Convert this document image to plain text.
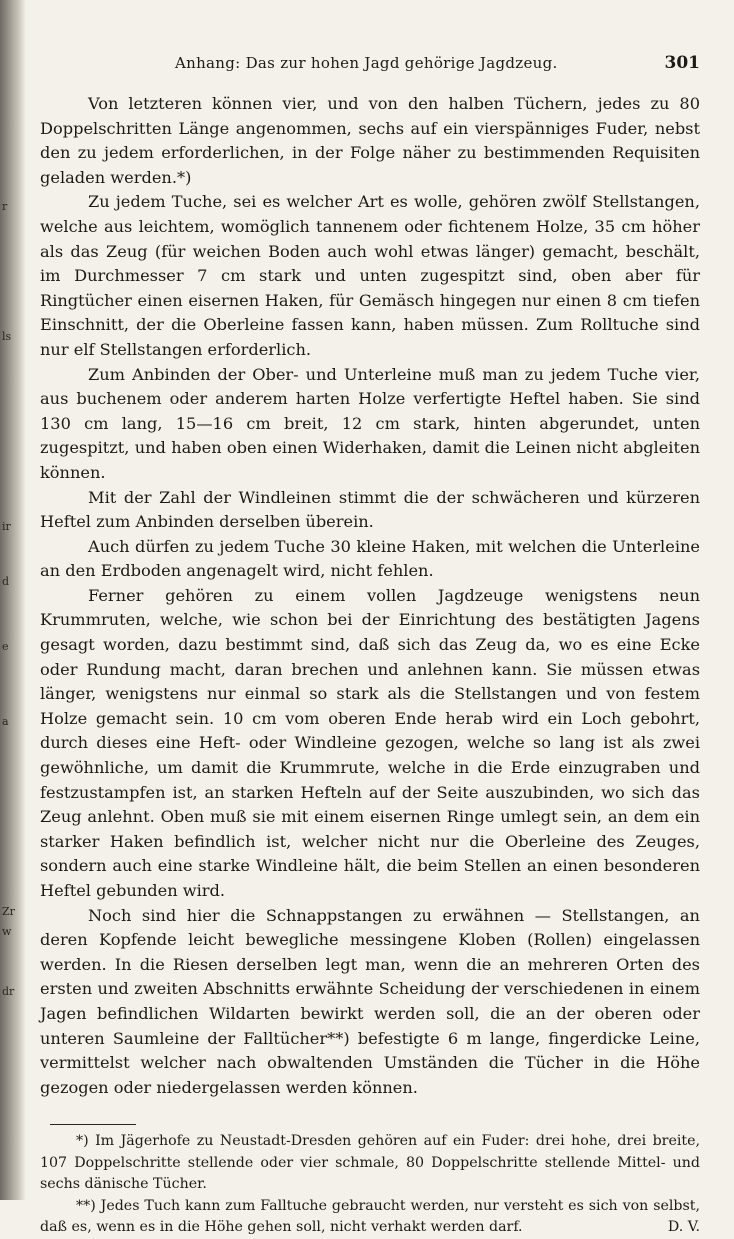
r
ls
ir
d
e
a
Zr
w
dr
Anhang: Das zur hohen Jagd gehörige Jagdzeug.	301

Von letzteren können vier, und von den halben Tüchern, jedes zu 80 Doppelschritten Länge angenommen, sechs auf ein vierspänniges Fuder, nebst den zu jedem erforderlichen, in der Folge näher zu bestimmenden Requisiten geladen werden.*)

Zu jedem Tuche, sei es welcher Art es wolle, gehören zwölf Stellstangen, welche aus leichtem, womöglich tannenem oder fichtenem Holze, 35 cm höher als das Zeug (für weichen Boden auch wohl etwas länger) gemacht, beschält, im Durchmesser 7 cm stark und unten zugespitzt sind, oben aber für Ringtücher einen eisernen Haken, für Gemäsch hingegen nur einen 8 cm tiefen Einschnitt, der die Oberleine fassen kann, haben müssen. Zum Rolltuche sind nur elf Stellstangen erforderlich.

Zum Anbinden der Ober- und Unterleine muß man zu jedem Tuche vier, aus buchenem oder anderem harten Holze verfertigte Heftel haben. Sie sind 130 cm lang, 15—16 cm breit, 12 cm stark, hinten abgerundet, unten zugespitzt, und haben oben einen Widerhaken, damit die Leinen nicht abgleiten können.

Mit der Zahl der Windleinen stimmt die der schwächeren und kürzeren Heftel zum Anbinden derselben überein.

Auch dürfen zu jedem Tuche 30 kleine Haken, mit welchen die Unterleine an den Erdboden angenagelt wird, nicht fehlen.

Ferner gehören zu einem vollen Jagdzeuge wenigstens neun Krummruten, welche, wie schon bei der Einrichtung des bestätigten Jagens gesagt worden, dazu bestimmt sind, daß sich das Zeug da, wo es eine Ecke oder Rundung macht, daran brechen und anlehnen kann. Sie müssen etwas länger, wenigstens nur einmal so stark als die Stellstangen und von festem Holze gemacht sein. 10 cm vom oberen Ende herab wird ein Loch gebohrt, durch dieses eine Heft- oder Windleine gezogen, welche so lang ist als zwei gewöhnliche, um damit die Krummrute, welche in die Erde einzugraben und festzustampfen ist, an starken Hefteln auf der Seite auszubinden, wo sich das Zeug anlehnt. Oben muß sie mit einem eisernen Ringe umlegt sein, an dem ein starker Haken befindlich ist, welcher nicht nur die Oberleine des Zeuges, sondern auch eine starke Windleine hält, die beim Stellen an einen besonderen Heftel gebunden wird.

Noch sind hier die Schnappstangen zu erwähnen — Stellstangen, an deren Kopfende leicht bewegliche messingene Kloben (Rollen) eingelassen werden. In die Riesen derselben legt man, wenn die an mehreren Orten des ersten und zweiten Abschnitts erwähnte Scheidung der verschiedenen in einem Jagen befindlichen Wildarten bewirkt werden soll, die an der oberen oder unteren Saumleine der Falltücher**) befestigte 6 m lange, fingerdicke Leine, vermittelst welcher nach obwaltenden Umständen die Tücher in die Höhe gezogen oder niedergelassen werden können.

*) Im Jägerhofe zu Neustadt-Dresden gehören auf ein Fuder: drei hohe, drei breite, 107 Doppelschritte stellende oder vier schmale, 80 Doppelschritte stellende Mittel- und sechs dänische Tücher.

**) Jedes Tuch kann zum Falltuche gebraucht werden, nur versteht es sich von selbst, daß es, wenn es in die Höhe gehen soll, nicht verhakt werden darf.	D. V.
